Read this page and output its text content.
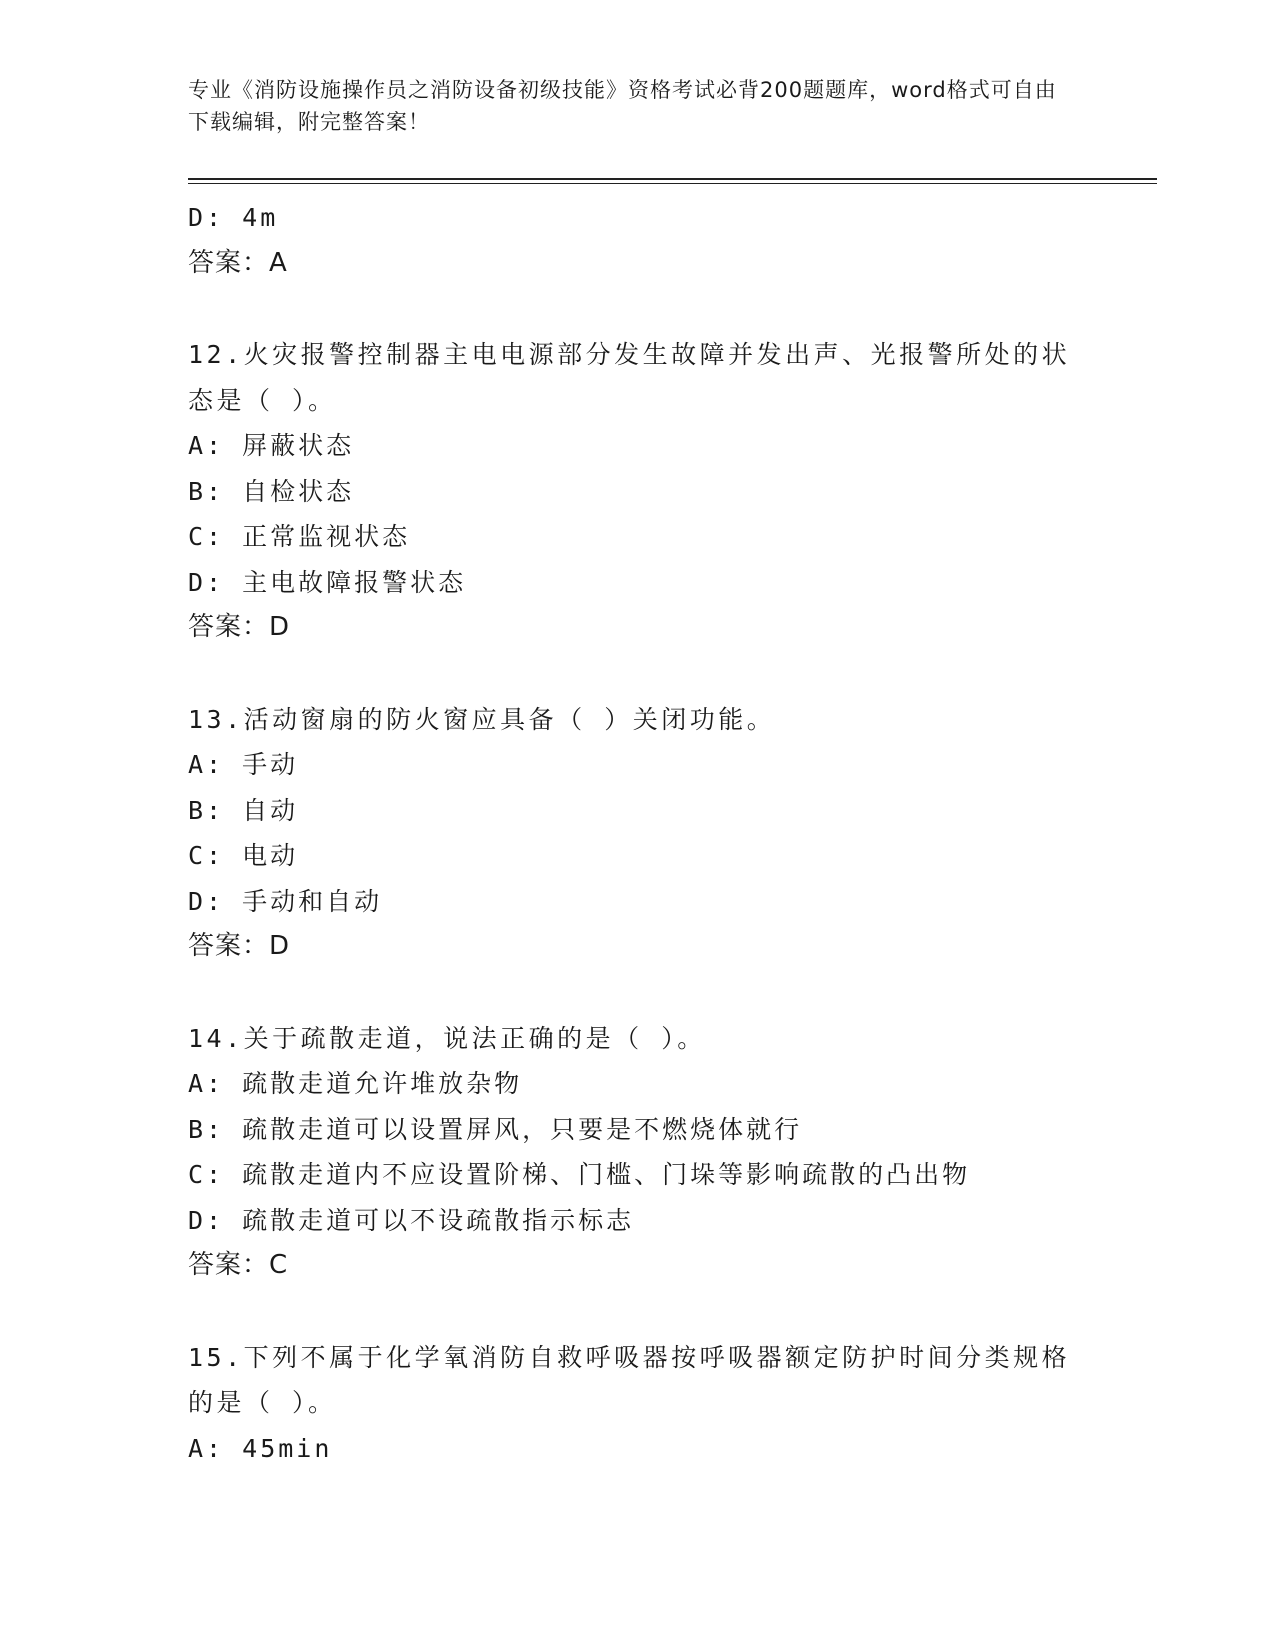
专业《消防设施操作员之消防设备初级技能》资格考试必背200题题库，word格式可自由下载编辑，附完整答案！
D: 4m
答案：A
12.火灾报警控制器主电电源部分发生故障并发出声、光报警所处的状
态是（ ）。
A: 屏蔽状态
B: 自检状态
C: 正常监视状态
D: 主电故障报警状态
答案：D
13.活动窗扇的防火窗应具备（ ）关闭功能。
A: 手动
B: 自动
C: 电动
D: 手动和自动
答案：D
14.关于疏散走道，说法正确的是（ ）。
A: 疏散走道允许堆放杂物
B: 疏散走道可以设置屏风，只要是不燃烧体就行
C: 疏散走道内不应设置阶梯、门槛、门垛等影响疏散的凸出物
D: 疏散走道可以不设疏散指示标志
答案：C
15.下列不属于化学氧消防自救呼吸器按呼吸器额定防护时间分类规格
的是（ ）。
A: 45min
